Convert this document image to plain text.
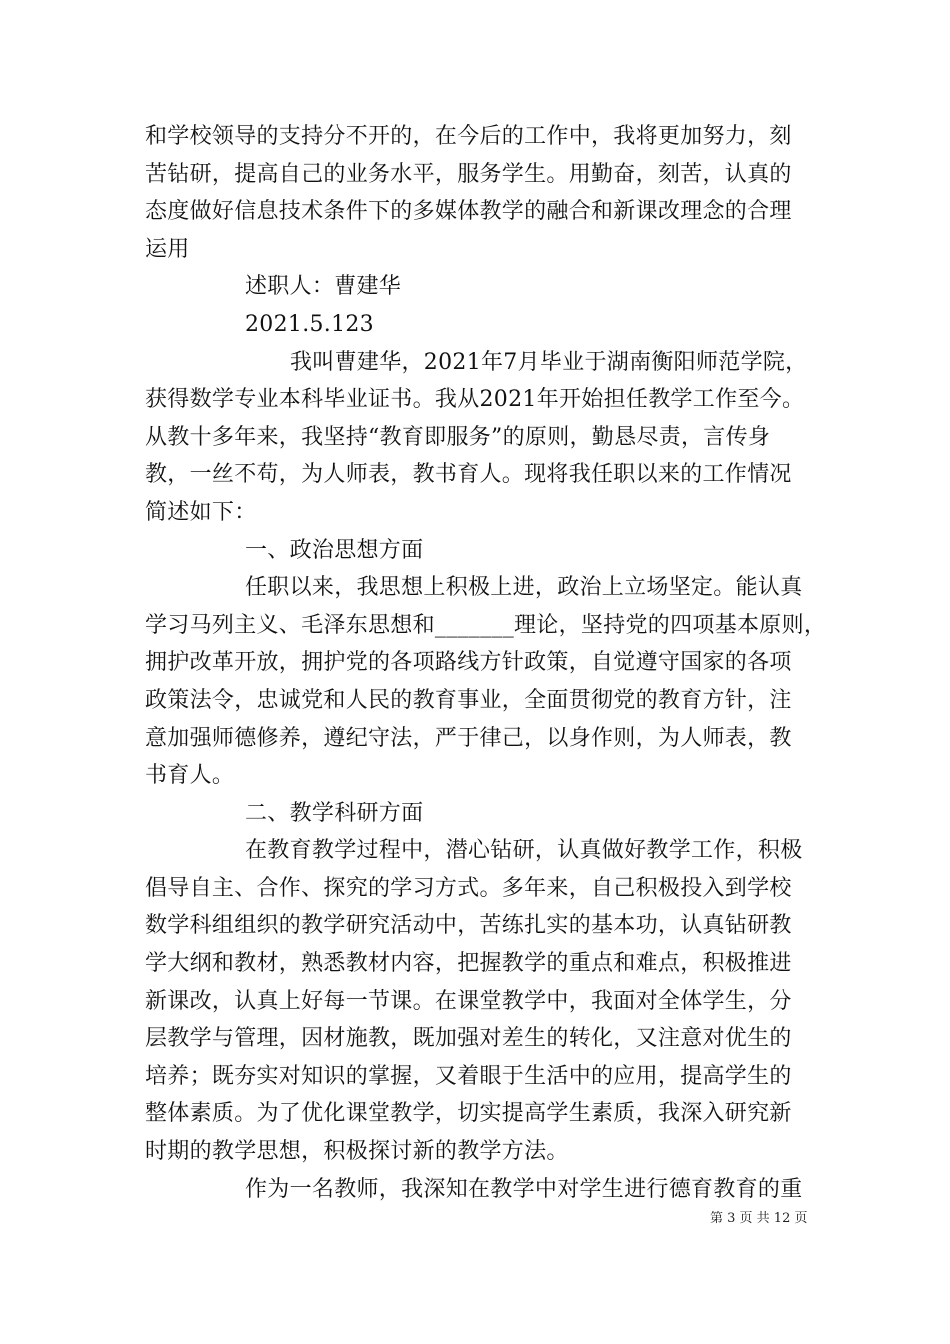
和学校领导的支持分不开的，在今后的工作中，我将更加努力，刻
苦钻研，提高自己的业务水平，服务学生。用勤奋，刻苦，认真的
态度做好信息技术条件下的多媒体教学的融合和新课改理念的合理
运用
述职人：曹建华
2021.5.123
我叫曹建华，2021年7月毕业于湖南衡阳师范学院，
获得数学专业本科毕业证书。我从2021年开始担任教学工作至今。
从教十多年来，我坚持“教育即服务”的原则，勤恳尽责，言传身
教，一丝不苟，为人师表，教书育人。现将我任职以来的工作情况
简述如下：
一、政治思想方面
任职以来，我思想上积极上进，政治上立场坚定。能认真
学习马列主义、毛泽东思想和_______理论，坚持党的四项基本原则，
拥护改革开放，拥护党的各项路线方针政策，自觉遵守国家的各项
政策法令，忠诚党和人民的教育事业，全面贯彻党的教育方针，注
意加强师德修养，遵纪守法，严于律己，以身作则，为人师表，教
书育人。
二、教学科研方面
在教育教学过程中，潜心钻研，认真做好教学工作，积极
倡导自主、合作、探究的学习方式。多年来，自己积极投入到学校
数学科组组织的教学研究活动中，苦练扎实的基本功，认真钻研教
学大纲和教材，熟悉教材内容，把握教学的重点和难点，积极推进
新课改，认真上好每一节课。在课堂教学中，我面对全体学生，分
层教学与管理，因材施教，既加强对差生的转化，又注意对优生的
培养；既夯实对知识的掌握，又着眼于生活中的应用，提高学生的
整体素质。为了优化课堂教学，切实提高学生素质，我深入研究新
时期的教学思想，积极探讨新的教学方法。
作为一名教师，我深知在教学中对学生进行德育教育的重
第 3 页 共 12 页
